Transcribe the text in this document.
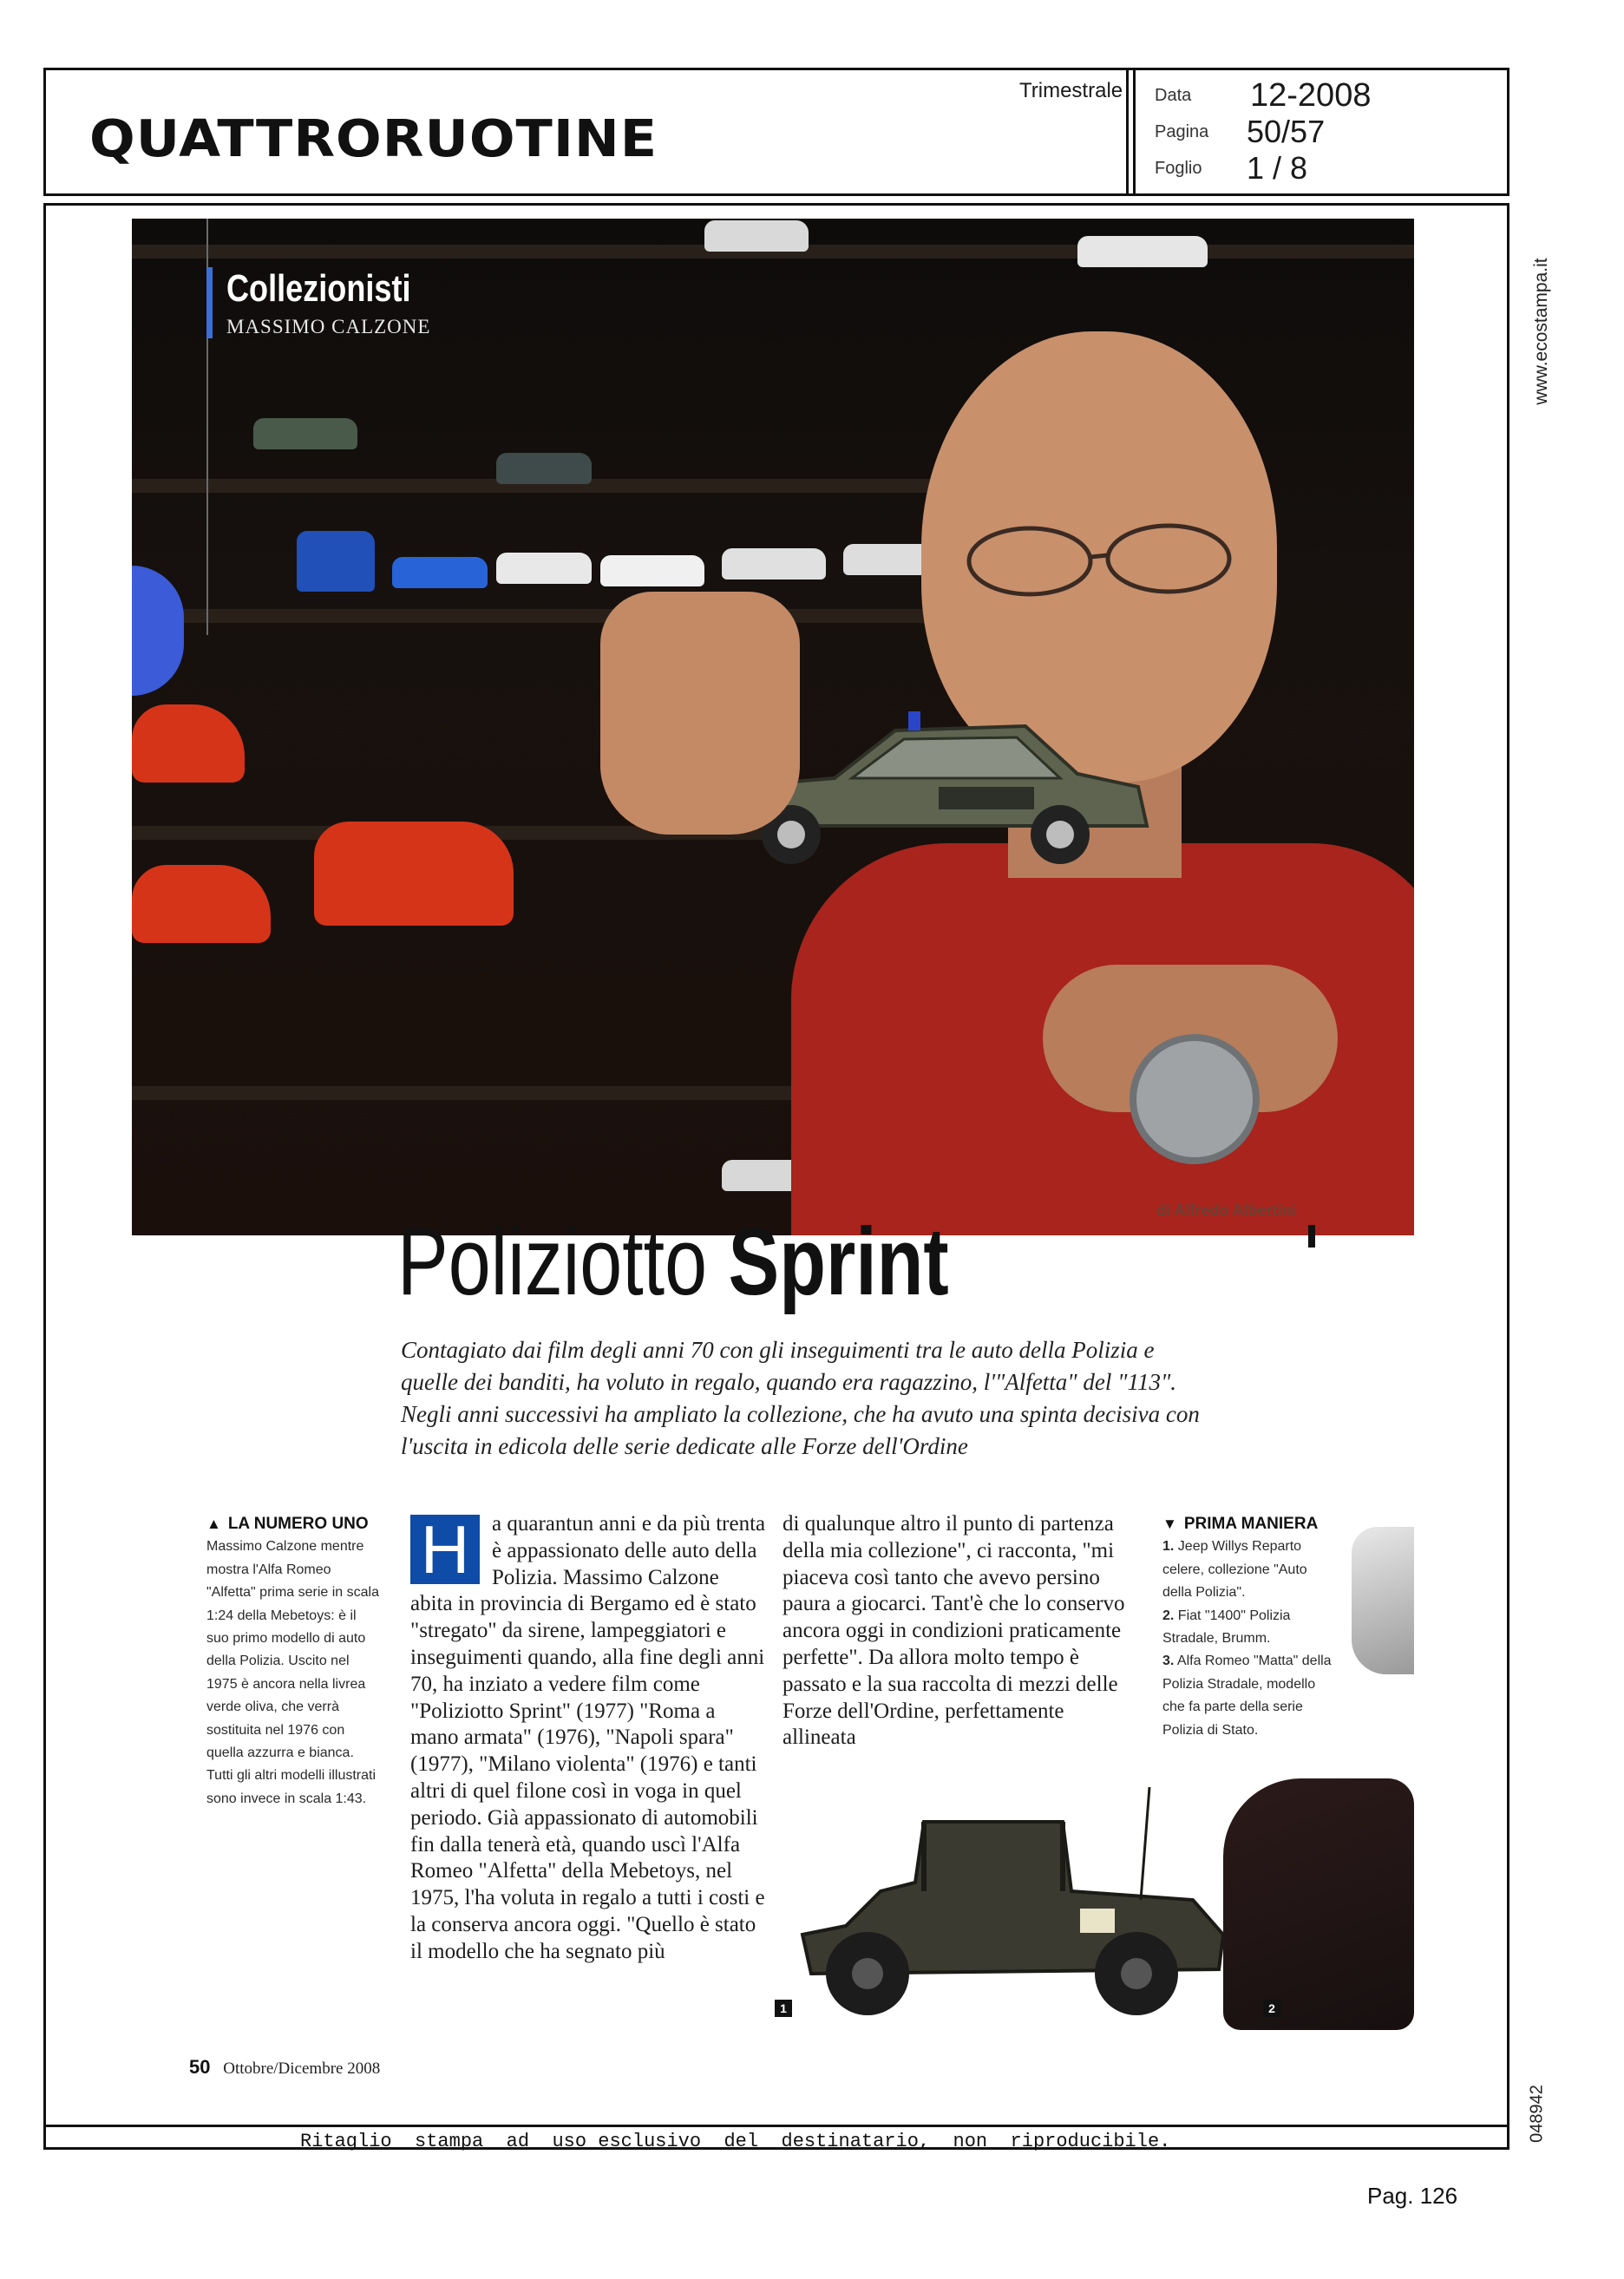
QUATTRORUOTINE
Trimestrale Data 12-2008
Pagina 50/57
Foglio 1 / 8
www.ecostampa.it
048942
Collezionisti
MASSIMO CALZONE
di Alfredo Albertini
Poliziotto Sprint
Contagiato dai film degli anni 70 con gli inseguimenti tra le auto della Polizia e quelle dei banditi, ha voluto in regalo, quando era ragazzino, l'"Alfetta" del "113". Negli anni successivi ha ampliato la collezione, che ha avuto una spinta decisiva con l'uscita in edicola delle serie dedicate alle Forze dell'Ordine
▲ LA NUMERO UNO
Massimo Calzone mentre mostra l'Alfa Romeo "Alfetta" prima serie in scala 1:24 della Mebetoys: è il suo primo modello di auto della Polizia. Uscito nel 1975 è ancora nella livrea verde oliva, che verrà sostituita nel 1976 con quella azzurra e bianca. Tutti gli altri modelli illustrati sono invece in scala 1:43.
▼ PRIMA MANIERA
1. Jeep Willys Reparto celere, collezione "Auto della Polizia".
2. Fiat "1400" Polizia Stradale, Brumm.
3. Alfa Romeo "Matta" della Polizia Stradale, modello che fa parte della serie Polizia di Stato.
H	a quarantun anni e da più trenta è appassionato delle auto della Polizia. Massimo Calzone abita in provincia di Bergamo ed è stato "stregato" da sirene, lampeggiatori e inseguimenti quando, alla fine degli anni 70, ha inziato a vedere film come "Poliziotto Sprint" (1977) "Roma a mano armata" (1976), "Napoli spara" (1977), "Milano violenta" (1976) e tanti altri di quel filone così in voga in quel periodo. Già appassionato di automobili fin dalla tenerà età, quando uscì l'Alfa Romeo "Alfetta" della Mebetoys, nel 1975, l'ha voluta in regalo a tutti i costi e la conserva ancora oggi. "Quello è stato il modello che ha segnato più
di qualunque altro il punto di partenza della mia collezione", ci racconta, "mi piaceva così tanto che avevo persino paura a giocarci. Tant'è che lo conservo ancora oggi in condizioni praticamente perfette". Da allora molto tempo è passato e la sua raccolta di mezzi delle Forze dell'Ordine, perfettamente allineata
1	2
50 Ottobre/Dicembre 2008
Ritaglio  stampa  ad  uso esclusivo  del  destinatario,  non  riproducibile.
Pag. 126
